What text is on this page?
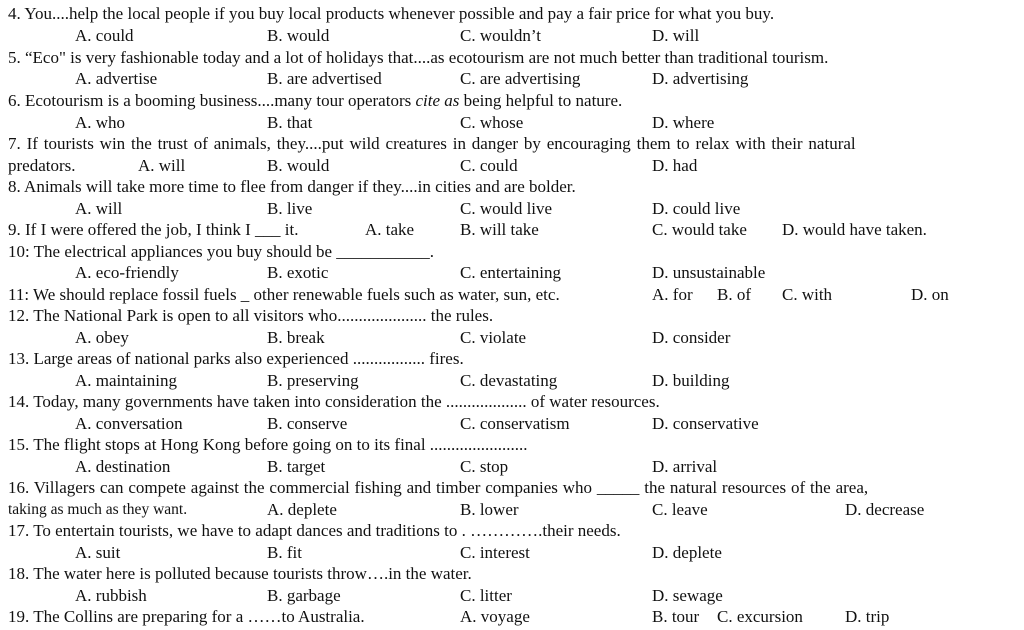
4. You....help the local people if you buy local products whenever possible and pay a fair price for what you buy.
A. could	B. would	C. wouldn’t	D. will
5. “Eco" is very fashionable today and a lot of holidays that....as ecotourism are not much better than traditional tourism.
A. advertise	B. are advertised	C. are advertising	D. advertising
6. Ecotourism is a booming business....many tour operators cite as being helpful to nature.
A. who	B. that	C. whose	D. where
7. If tourists win the trust of animals, they....put wild creatures in danger by encouraging them to relax with their natural
predators.	A. will	B. would	C. could	D. had
8. Animals will take more time to flee from danger if they....in cities and are bolder.
A. will	B. live	C. would live	D. could live
9. If I were offered the job, I think I ___ it.	A. take	B. will take	C. would take D. would have taken.
10: The electrical appliances you buy should be ___________.
A. eco-friendly	B. exotic	C. entertaining	D. unsustainable
11: We should replace fossil fuels _ other renewable fuels such as water, sun, etc.	A. for B. of C. with	D. on
12. The National Park is open to all visitors who..................... the rules.
A. obey	B. break	C. violate	D. consider
13. Large areas of national parks also experienced ................. fires.
A. maintaining	B. preserving	C. devastating	D. building
14. Today, many governments have taken into consideration the ................... of water resources.
A. conversation	B. conserve	C. conservatism	D. conservative
15. The flight stops at Hong Kong before going on to its final .......................
A. destination	B. target	C. stop	D. arrival
16. Villagers can compete against the commercial fishing and timber companies who _____ the natural resources of the area,
taking as much as they want.	A. deplete	B. lower	C. leave	D. decrease
17. To entertain tourists, we have to adapt dances and traditions to . ………….their needs.
A. suit	B. fit	C. interest	D. deplete
18. The water here is polluted because tourists throw….in the water.
A. rubbish	B. garbage	C. litter	D. sewage
19. The Collins are preparing for a ……to Australia.	A. voyage	B. tour C. excursion D. trip
